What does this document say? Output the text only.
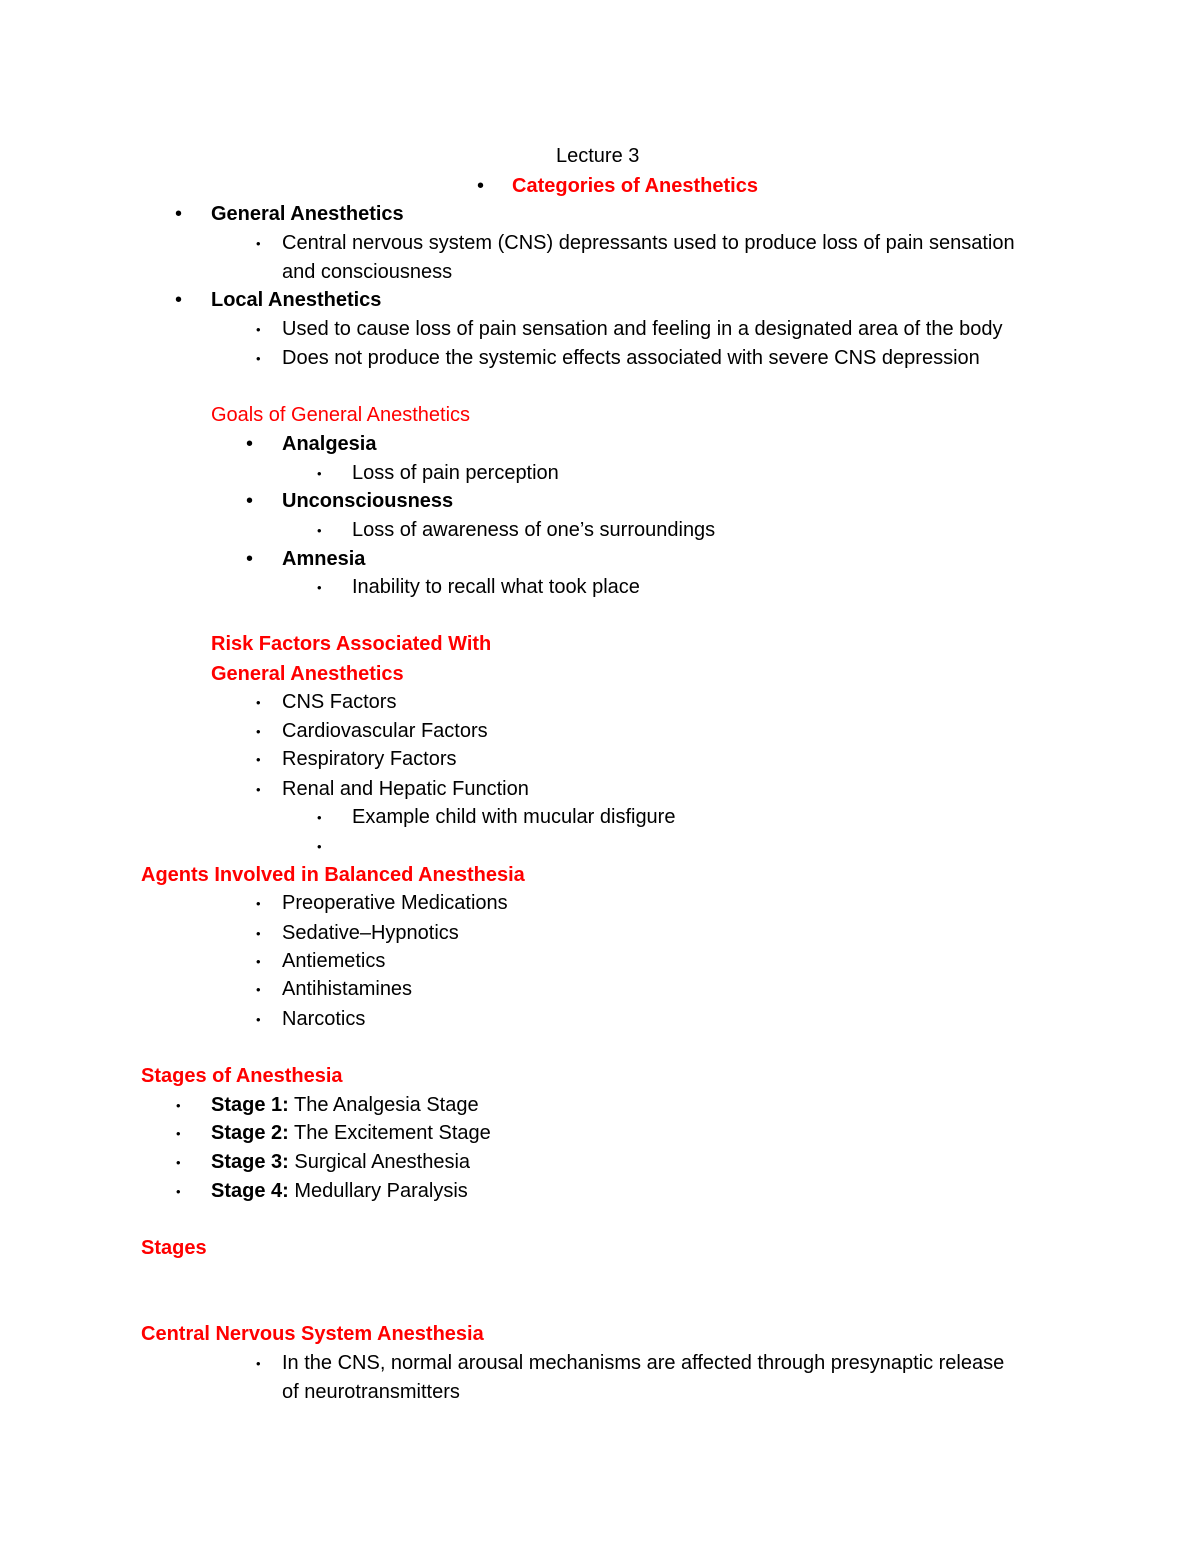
Lecture 3
• Categories of Anesthetics
• General Anesthetics
• Central nervous system (CNS) depressants used to produce loss of pain sensation
and consciousness
• Local Anesthetics
• Used to cause loss of pain sensation and feeling in a designated area of the body
• Does not produce the systemic effects associated with severe CNS depression
Goals of General Anesthetics
• Analgesia
• Loss of pain perception
• Unconsciousness
• Loss of awareness of one’s surroundings
• Amnesia
• Inability to recall what took place
Risk Factors Associated With
General Anesthetics
• CNS Factors
• Cardiovascular Factors
• Respiratory Factors
• Renal and Hepatic Function
• Example child with mucular disfigure
•
Agents Involved in Balanced Anesthesia
• Preoperative Medications
• Sedative–Hypnotics
• Antiemetics
• Antihistamines
• Narcotics
Stages of Anesthesia
• Stage 1: The Analgesia Stage
• Stage 2: The Excitement Stage
• Stage 3: Surgical Anesthesia
• Stage 4: Medullary Paralysis
Stages
Central Nervous System Anesthesia
• In the CNS, normal arousal mechanisms are affected through presynaptic release
of neurotransmitters
